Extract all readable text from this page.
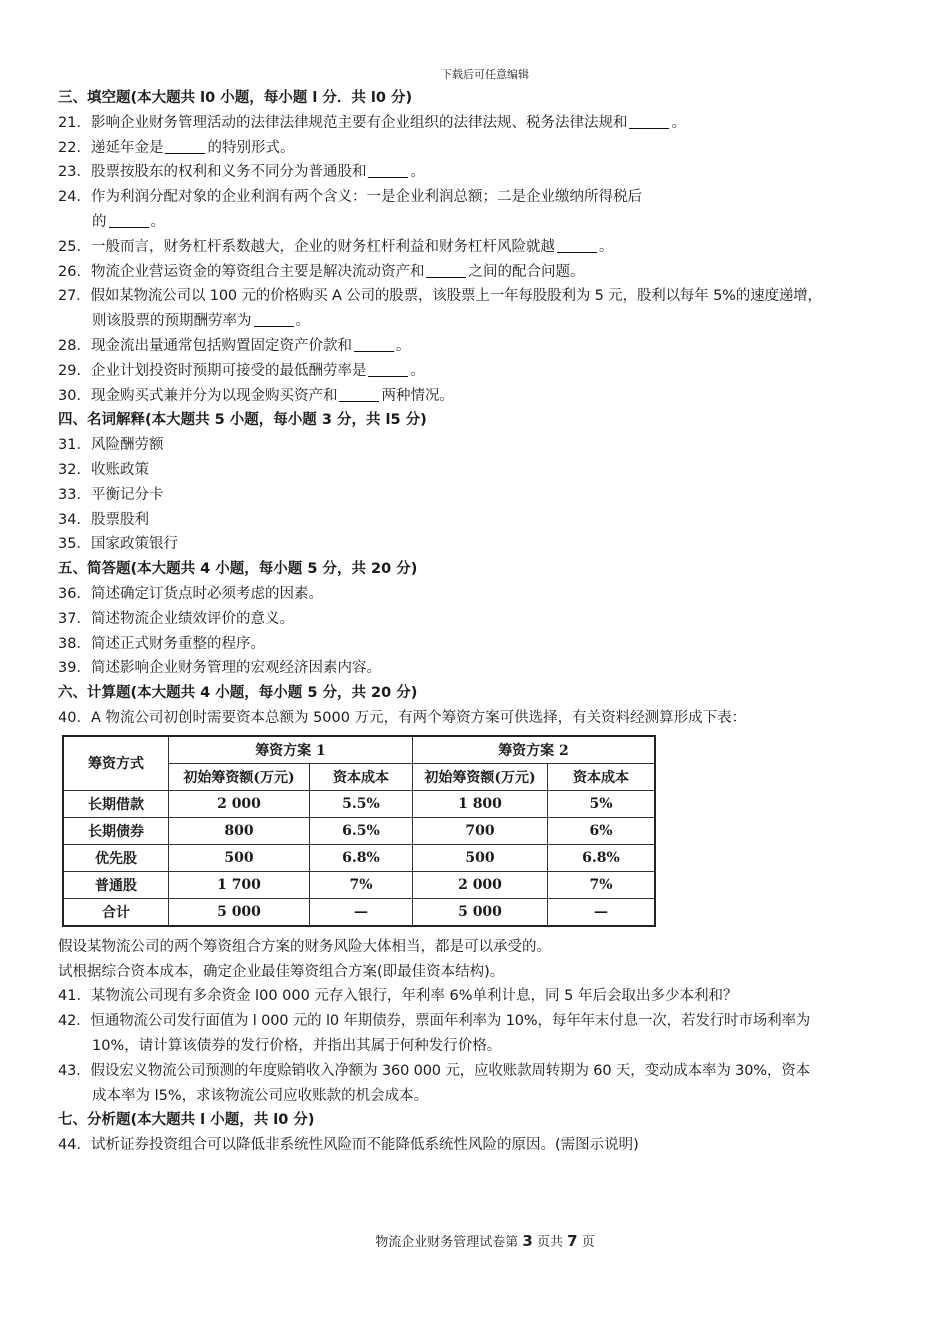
下载后可任意编辑
三、填空题(本大题共 l0 小题，每小题 l 分．共 l0 分)
21．影响企业财务管理活动的法律法律规范主要有企业组织的法律法规、税务法律法规和	。
22．递延年金是	的特别形式。
23．股票按股东的权利和义务不同分为普通股和	。
24．作为利润分配对象的企业利润有两个含义：一是企业利润总额；二是企业缴纳所得税后
的	。
25．一般而言，财务杠杆系数越大，企业的财务杠杆利益和财务杠杆风险就越	。
26．物流企业营运资金的筹资组合主要是解决流动资产和	之间的配合问题。
27．假如某物流公司以 100 元的价格购买 A 公司的股票，该股票上一年每股股利为 5 元，股利以每年 5%的速度递增，
则该股票的预期酬劳率为	。
28．现金流出量通常包括购置固定资产价款和	。
29．企业计划投资时预期可接受的最低酬劳率是	。
30．现金购买式兼并分为以现金购买资产和	两种情况。
四、名词解释(本大题共 5 小题，每小题 3 分，共 l5 分)
31．风险酬劳额
32．收账政策
33．平衡记分卡
34．股票股利
35．国家政策银行
五、简答题(本大题共 4 小题，每小题 5 分，共 20 分)
36．简述确定订货点时必须考虑的因素。
37．简述物流企业绩效评价的意义。
38．简述正式财务重整的程序。
39．简述影响企业财务管理的宏观经济因素内容。
六、计算题(本大题共 4 小题，每小题 5 分，共 20 分)
40．A 物流公司初创时需要资本总额为 5000 万元，有两个筹资方案可供选择，有关资料经测算形成下表：
筹资方式	筹资方案 1		筹资方案 2	
	初始筹资额(万元)	资本成本	初始筹资额(万元)	资本成本
长期借款	2 000	5.5%	1 800	5%
长期债券	800	6.5%	700	6%
优先股	500	6.8%	500	6.8%
普通股	1 700	7%	2 000	7%
合计	5 000	—	5 000	—
假设某物流公司的两个筹资组合方案的财务风险大体相当，都是可以承受的。
试根据综合资本成本，确定企业最佳筹资组合方案(即最佳资本结构)。
41．某物流公司现有多余资金 l00 000 元存入银行，年利率 6%单利计息，同 5 年后会取出多少本利和？
42．恒通物流公司发行面值为 l 000 元的 l0 年期债券，票面年利率为 10%，每年年末付息一次，若发行时市场利率为
10%，请计算该债券的发行价格，并指出其属于何种发行价格。
43．假设宏义物流公司预测的年度赊销收入净额为 360 000 元，应收账款周转期为 60 天，变动成本率为 30%，资本
成本率为 l5%，求该物流公司应收账款的机会成本。
七、分析题(本大题共 l 小题，共 l0 分)
44．试析证券投资组合可以降低非系统性风险而不能降低系统性风险的原因。(需图示说明)
物流企业财务管理试卷第 3 页共 7 页
